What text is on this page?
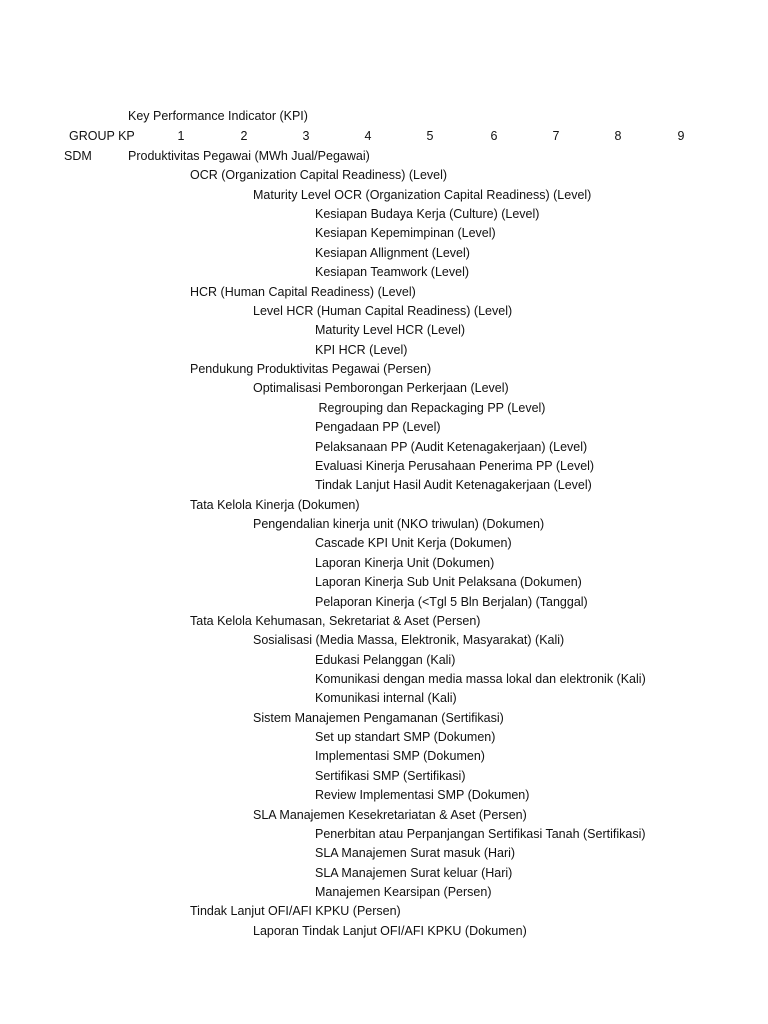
Key Performance Indicator (KPI)
GROUP KP	1	2	3	4	5	6	7	8	9
SDM	Produktivitas Pegawai (MWh Jual/Pegawai)
OCR (Organization Capital Readiness) (Level)
Maturity Level OCR (Organization Capital Readiness) (Level)
Kesiapan Budaya Kerja (Culture) (Level)
Kesiapan Kepemimpinan (Level)
Kesiapan Allignment (Level)
Kesiapan Teamwork (Level)
HCR (Human Capital Readiness) (Level)
Level HCR (Human Capital Readiness) (Level)
Maturity Level HCR (Level)
KPI HCR (Level)
Pendukung Produktivitas Pegawai (Persen)
Optimalisasi Pemborongan Perkerjaan (Level)
Regrouping dan Repackaging PP (Level)
Pengadaan PP (Level)
Pelaksanaan PP (Audit Ketenagakerjaan) (Level)
Evaluasi Kinerja Perusahaan Penerima PP (Level)
Tindak Lanjut Hasil Audit Ketenagakerjaan (Level)
Tata Kelola Kinerja (Dokumen)
Pengendalian kinerja unit (NKO triwulan) (Dokumen)
Cascade KPI Unit Kerja (Dokumen)
Laporan Kinerja Unit (Dokumen)
Laporan Kinerja Sub Unit Pelaksana (Dokumen)
Pelaporan Kinerja (<Tgl 5 Bln Berjalan) (Tanggal)
Tata Kelola Kehumasan, Sekretariat & Aset (Persen)
Sosialisasi (Media Massa, Elektronik, Masyarakat) (Kali)
Edukasi Pelanggan (Kali)
Komunikasi dengan media massa lokal dan elektronik (Kali)
Komunikasi internal (Kali)
Sistem Manajemen Pengamanan (Sertifikasi)
Set up standart SMP (Dokumen)
Implementasi SMP (Dokumen)
Sertifikasi SMP (Sertifikasi)
Review Implementasi SMP (Dokumen)
SLA Manajemen Kesekretariatan & Aset (Persen)
Penerbitan atau Perpanjangan Sertifikasi Tanah (Sertifikasi)
SLA Manajemen Surat masuk (Hari)
SLA Manajemen Surat keluar (Hari)
Manajemen Kearsipan (Persen)
Tindak Lanjut OFI/AFI KPKU (Persen)
Laporan Tindak Lanjut OFI/AFI KPKU (Dokumen)
